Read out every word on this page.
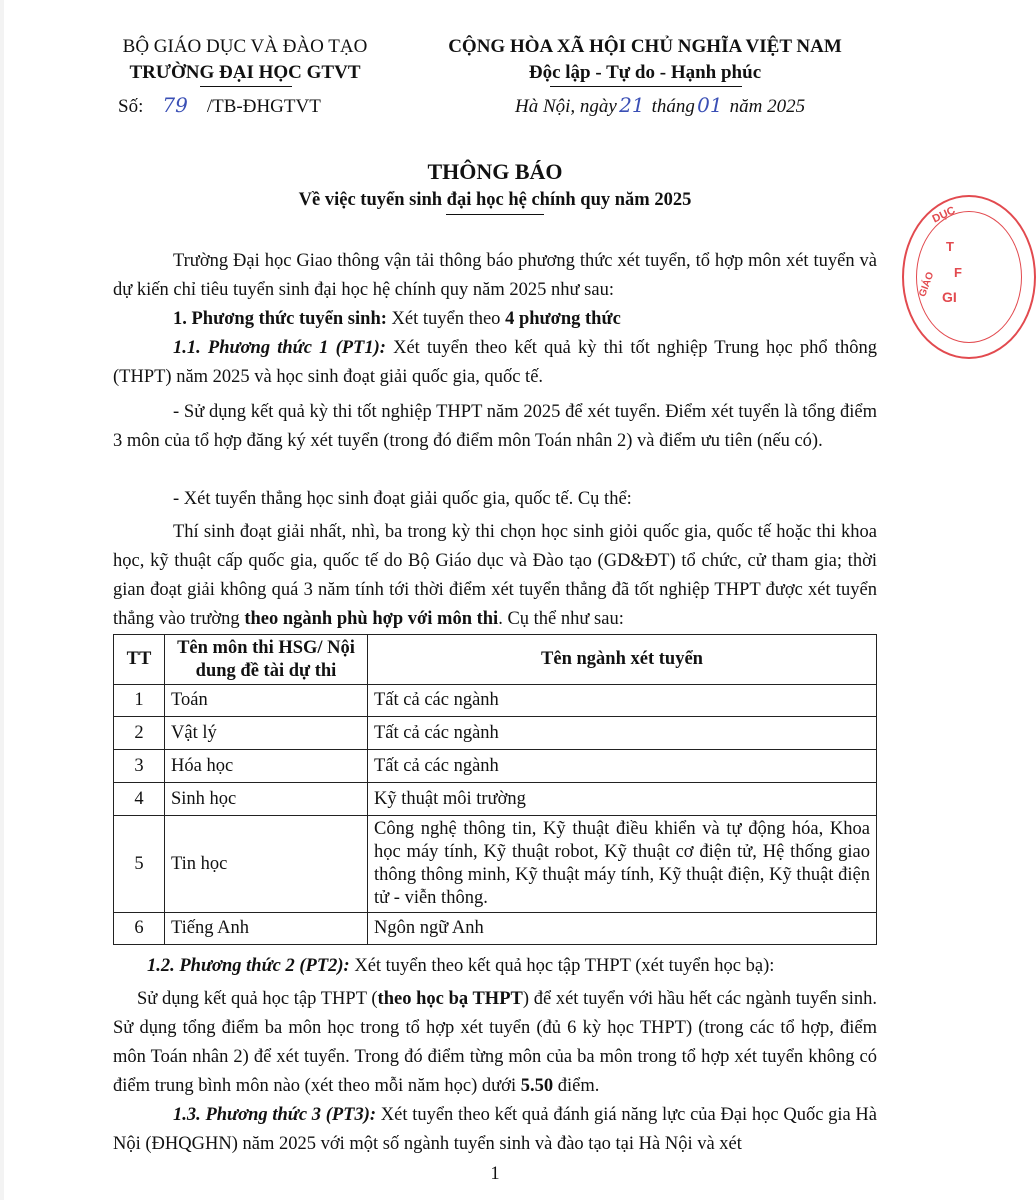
BỘ GIÁO DỤC VÀ ĐÀO TẠO
TRƯỜNG ĐẠI HỌC GTVT
Số: 79 /TB-ĐHGTVT
CỘNG HÒA XÃ HỘI CHỦ NGHĨA VIỆT NAM
Độc lập - Tự do - Hạnh phúc
Hà Nội, ngày 21 tháng 01 năm 2025
THÔNG BÁO
Về việc tuyển sinh đại học hệ chính quy năm 2025
GIÁO
DỤC
T
F
GI
Trường Đại học Giao thông vận tải thông báo phương thức xét tuyển, tổ hợp môn xét tuyển và dự kiến chỉ tiêu tuyển sinh đại học hệ chính quy năm 2025 như sau:
1. Phương thức tuyển sinh: Xét tuyển theo 4 phương thức
1.1. Phương thức 1 (PT1): Xét tuyển theo kết quả kỳ thi tốt nghiệp Trung học phổ thông (THPT) năm 2025 và học sinh đoạt giải quốc gia, quốc tế.
- Sử dụng kết quả kỳ thi tốt nghiệp THPT năm 2025 để xét tuyển. Điểm xét tuyển là tổng điểm 3 môn của tổ hợp đăng ký xét tuyển (trong đó điểm môn Toán nhân 2) và điểm ưu tiên (nếu có).
- Xét tuyển thẳng học sinh đoạt giải quốc gia, quốc tế. Cụ thể:
Thí sinh đoạt giải nhất, nhì, ba trong kỳ thi chọn học sinh giỏi quốc gia, quốc tế hoặc thi khoa học, kỹ thuật cấp quốc gia, quốc tế do Bộ Giáo dục và Đào tạo (GD&ĐT) tổ chức, cử tham gia; thời gian đoạt giải không quá 3 năm tính tới thời điểm xét tuyển thẳng đã tốt nghiệp THPT được xét tuyển thẳng vào trường theo ngành phù hợp với môn thi. Cụ thể như sau:
TT	Tên môn thi HSG/ Nội dung đề tài dự thi	Tên ngành xét tuyển
1	Toán	Tất cả các ngành
2	Vật lý	Tất cả các ngành
3	Hóa học	Tất cả các ngành
4	Sinh học	Kỹ thuật môi trường
5	Tin học	Công nghệ thông tin, Kỹ thuật điều khiển và tự động hóa, Khoa học máy tính, Kỹ thuật robot, Kỹ thuật cơ điện tử, Hệ thống giao thông thông minh, Kỹ thuật máy tính, Kỹ thuật điện, Kỹ thuật điện tử - viễn thông.
6	Tiếng Anh	Ngôn ngữ Anh
1.2. Phương thức 2 (PT2): Xét tuyển theo kết quả học tập THPT (xét tuyển học bạ):
Sử dụng kết quả học tập THPT (theo học bạ THPT) để xét tuyển với hầu hết các ngành tuyển sinh. Sử dụng tổng điểm ba môn học trong tổ hợp xét tuyển (đủ 6 kỳ học THPT) (trong các tổ hợp, điểm môn Toán nhân 2) để xét tuyển. Trong đó điểm từng môn của ba môn trong tổ hợp xét tuyển không có điểm trung bình môn nào (xét theo mỗi năm học) dưới 5.50 điểm.
1.3. Phương thức 3 (PT3): Xét tuyển theo kết quả đánh giá năng lực của Đại học Quốc gia Hà Nội (ĐHQGHN) năm 2025 với một số ngành tuyển sinh và đào tạo tại Hà Nội và xét
1
